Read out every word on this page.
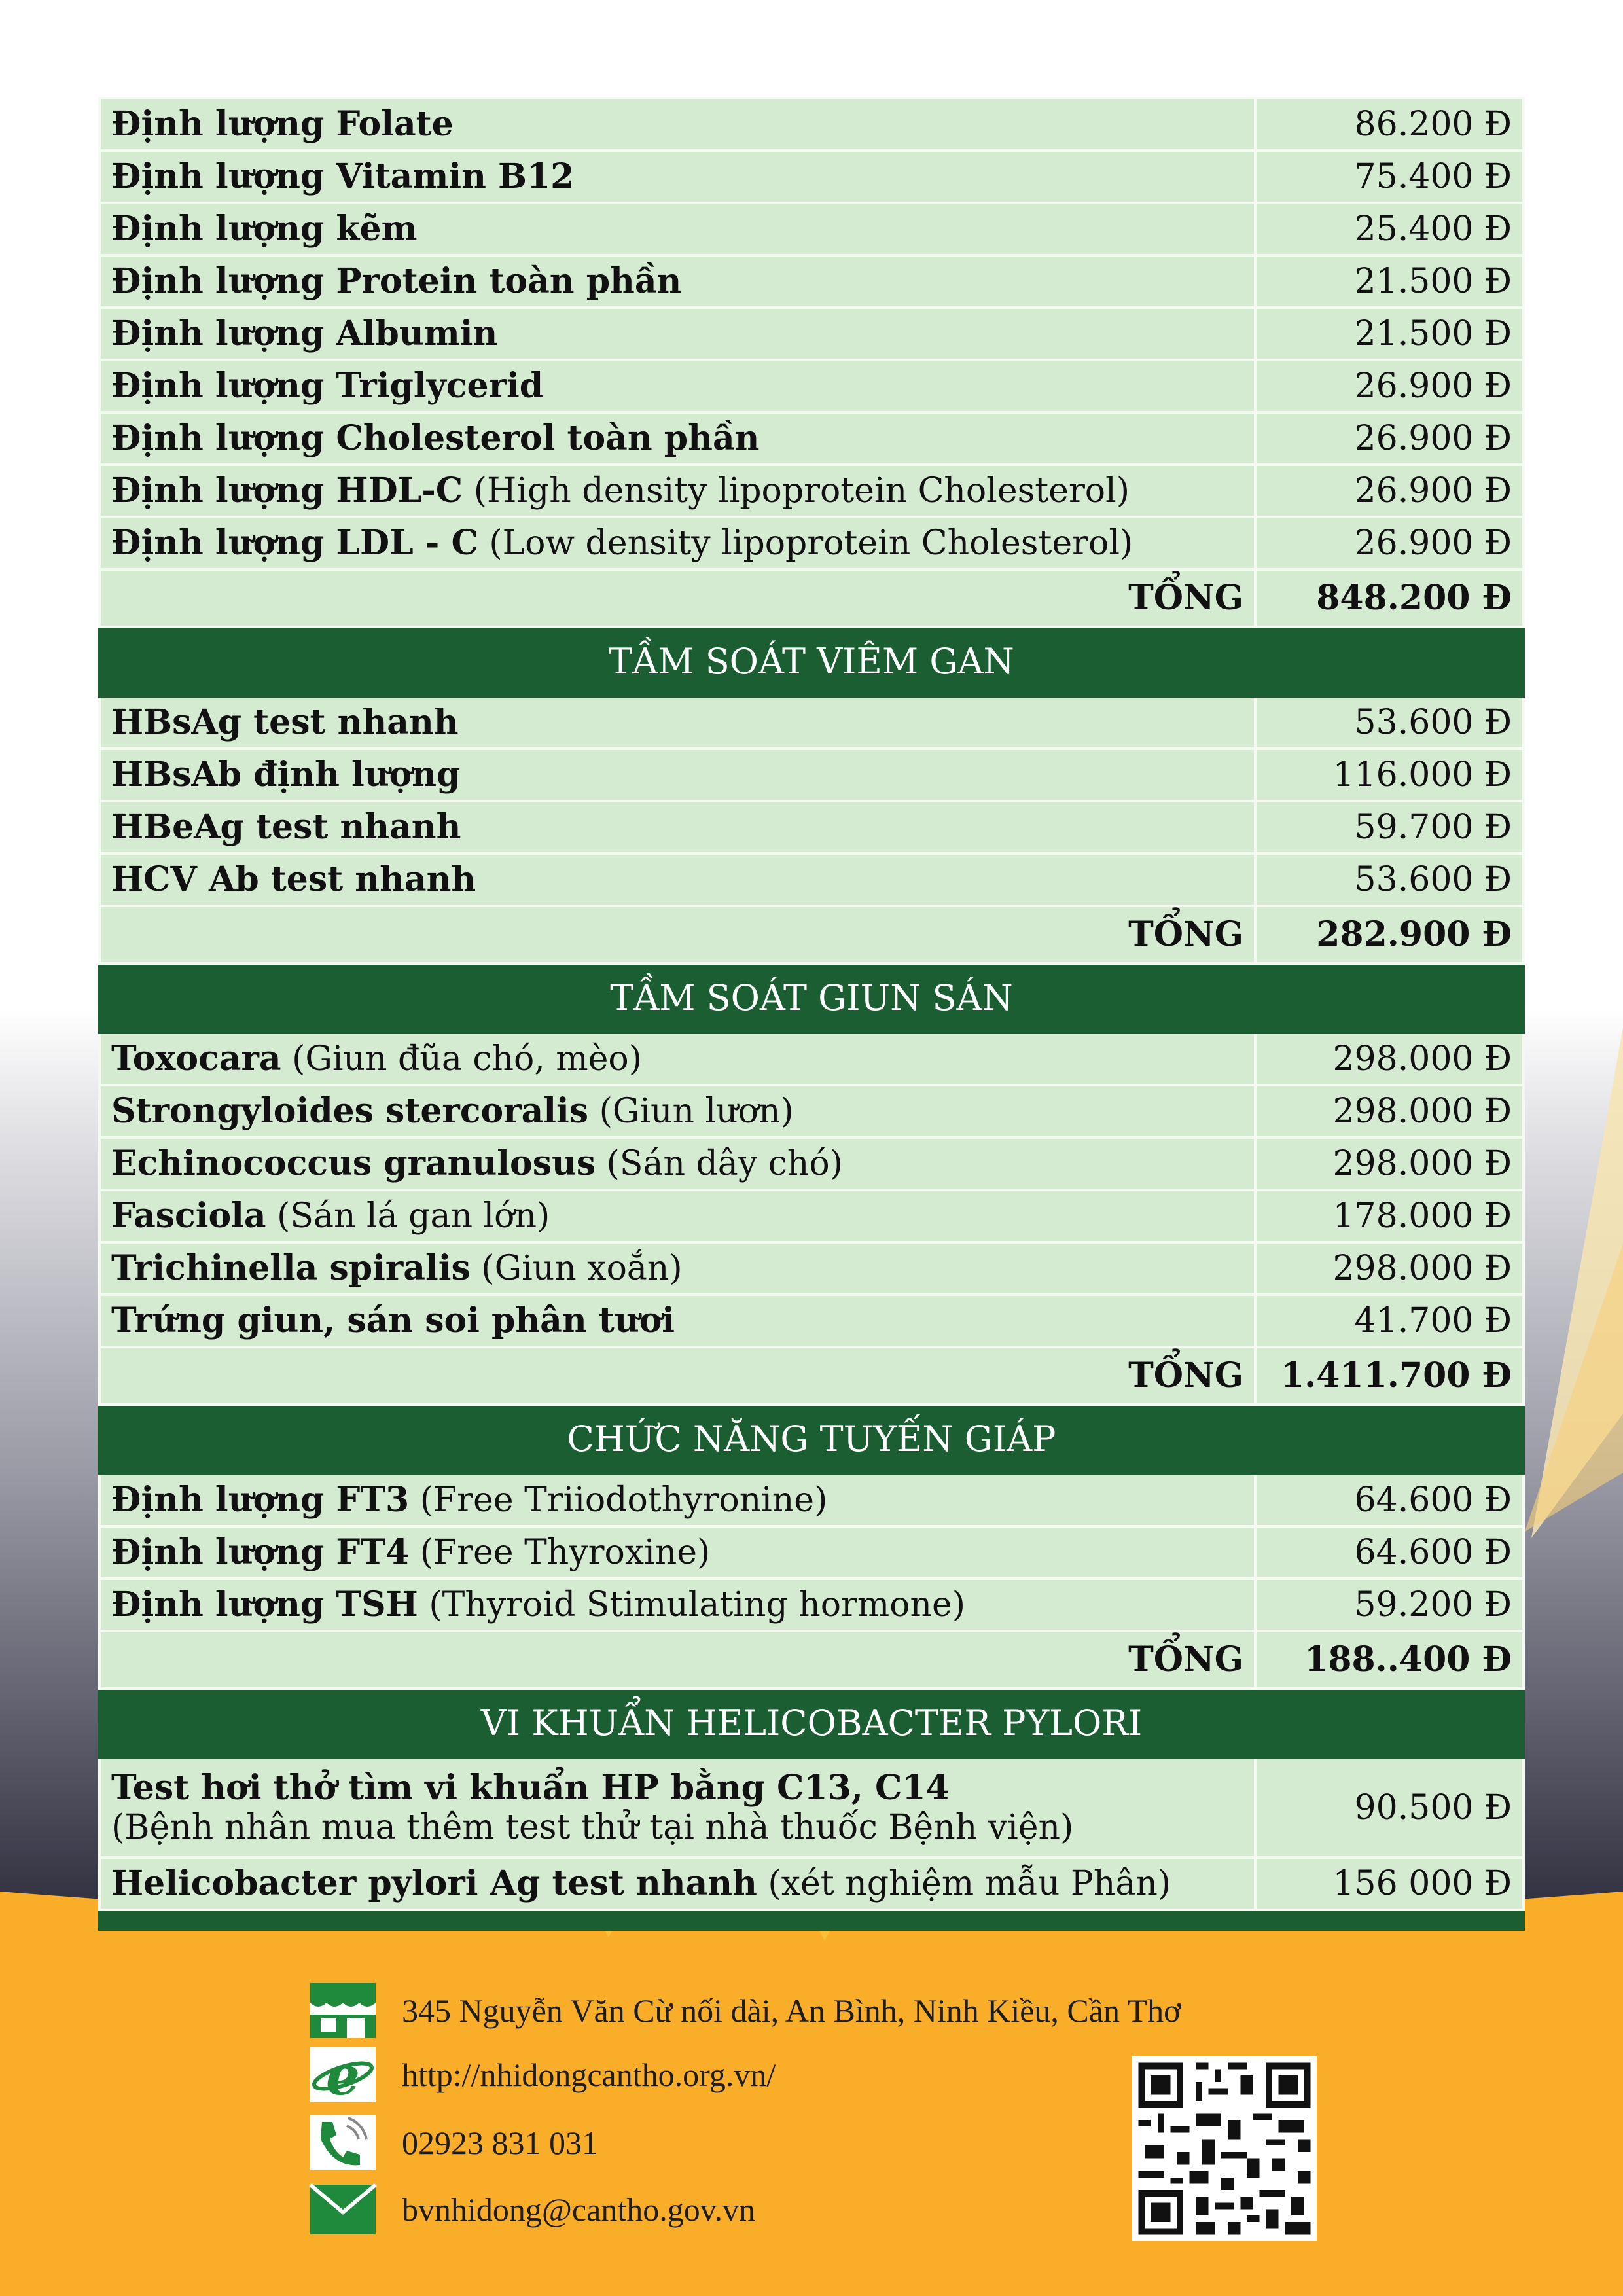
Định lượng Folate	86.200 Đ
Định lượng Vitamin B12	75.400 Đ
Định lượng kẽm	25.400 Đ
Định lượng Protein toàn phần	21.500 Đ
Định lượng Albumin	21.500 Đ
Định lượng Triglycerid	26.900 Đ
Định lượng Cholesterol toàn phần	26.900 Đ
Định lượng HDL-C (High density lipoprotein Cholesterol)	26.900 Đ
Định lượng LDL - C (Low density lipoprotein Cholesterol)	26.900 Đ
TỔNG	848.200 Đ
TẦM SOÁT VIÊM GAN	
HBsAg test nhanh	53.600 Đ
HBsAb định lượng	116.000 Đ
HBeAg test nhanh	59.700 Đ
HCV Ab test nhanh	53.600 Đ
TỔNG	282.900 Đ
TẦM SOÁT GIUN SÁN	
Toxocara (Giun đũa chó, mèo)	298.000 Đ
Strongyloides stercoralis (Giun lươn)	298.000 Đ
Echinococcus granulosus (Sán dây chó)	298.000 Đ
Fasciola (Sán lá gan lớn)	178.000 Đ
Trichinella spiralis (Giun xoắn)	298.000 Đ
Trứng giun, sán soi phân tươi	41.700 Đ
TỔNG	1.411.700 Đ
CHỨC NĂNG TUYẾN GIÁP	
Định lượng FT3 (Free Triiodothyronine)	64.600 Đ
Định lượng FT4 (Free Thyroxine)	64.600 Đ
Định lượng TSH (Thyroid Stimulating hormone)	59.200 Đ
TỔNG	188..400 Đ
VI KHUẨN HELICOBACTER PYLORI	
Test hơi thở tìm vi khuẩn HP bằng C13, C14
(Bệnh nhân mua thêm test thử tại nhà thuốc Bệnh viện)	90.500 Đ
Helicobacter pylori Ag test nhanh (xét nghiệm mẫu Phân)	156 000 Đ

345 Nguyễn Văn Cừ nối dài, An Bình, Ninh Kiều, Cần Thơ
e http://nhidongcantho.org.vn/
02923 831 031
bvnhidong@cantho.gov.vn
